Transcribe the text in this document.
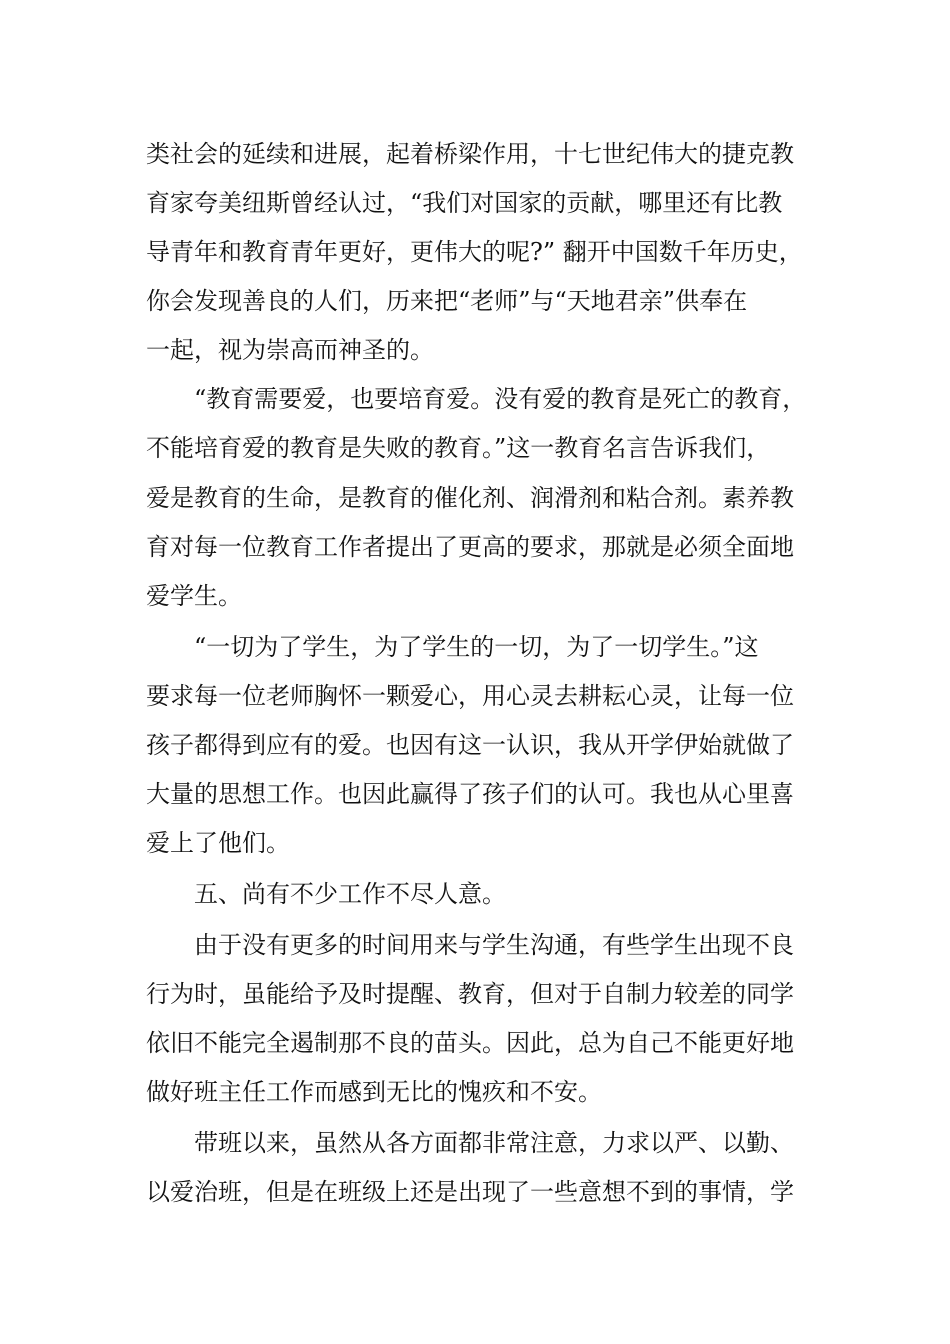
类社会的延续和进展，起着桥梁作用，十七世纪伟大的捷克教
育家夸美纽斯曾经认过，“我们对国家的贡献，哪里还有比教
导青年和教育青年更好，更伟大的呢?” 翻开中国数千年历史，
你会发现善良的人们，历来把“老师”与“天地君亲”供奉在
一起，视为崇高而神圣的。
“教育需要爱，也要培育爱。没有爱的教育是死亡的教育，
不能培育爱的教育是失败的教育。”这一教育名言告诉我们，
爱是教育的生命，是教育的催化剂、润滑剂和粘合剂。素养教
育对每一位教育工作者提出了更高的要求，那就是必须全面地
爱学生。
“一切为了学生，为了学生的一切，为了一切学生。”这
要求每一位老师胸怀一颗爱心，用心灵去耕耘心灵，让每一位
孩子都得到应有的爱。也因有这一认识，我从开学伊始就做了
大量的思想工作。也因此赢得了孩子们的认可。我也从心里喜
爱上了他们。
五、尚有不少工作不尽人意。
由于没有更多的时间用来与学生沟通，有些学生出现不良
行为时，虽能给予及时提醒、教育，但对于自制力较差的同学
依旧不能完全遏制那不良的苗头。因此，总为自己不能更好地
做好班主任工作而感到无比的愧疚和不安。
带班以来，虽然从各方面都非常注意，力求以严、以勤、
以爱治班，但是在班级上还是出现了一些意想不到的事情，学
